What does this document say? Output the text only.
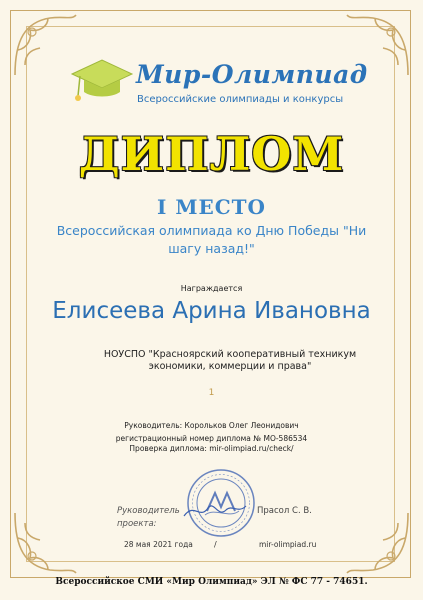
Мир-Олимпиад
Всероссийские олимпиады и конкурсы
ДИПЛОМ
I МЕСТО
Всероссийская олимпиада ко Дню Победы "Ни шагу назад!"
Награждается
Елисеева Арина Ивановна
НОУСПО "Красноярский кооперативный техникум экономики, коммерции и права"
1
Руководитель: Корольков Олег Леонидович
регистрационный номер диплома № МО-586534
Проверка диплома: mir-olimpiad.ru/check/
Руководитель
проекта:
Прасол С. В.
28 мая 2021 года	/	mir-olimpiad.ru
Всероссийское СМИ «Мир Олимпиад» ЭЛ № ФС 77 - 74651.
